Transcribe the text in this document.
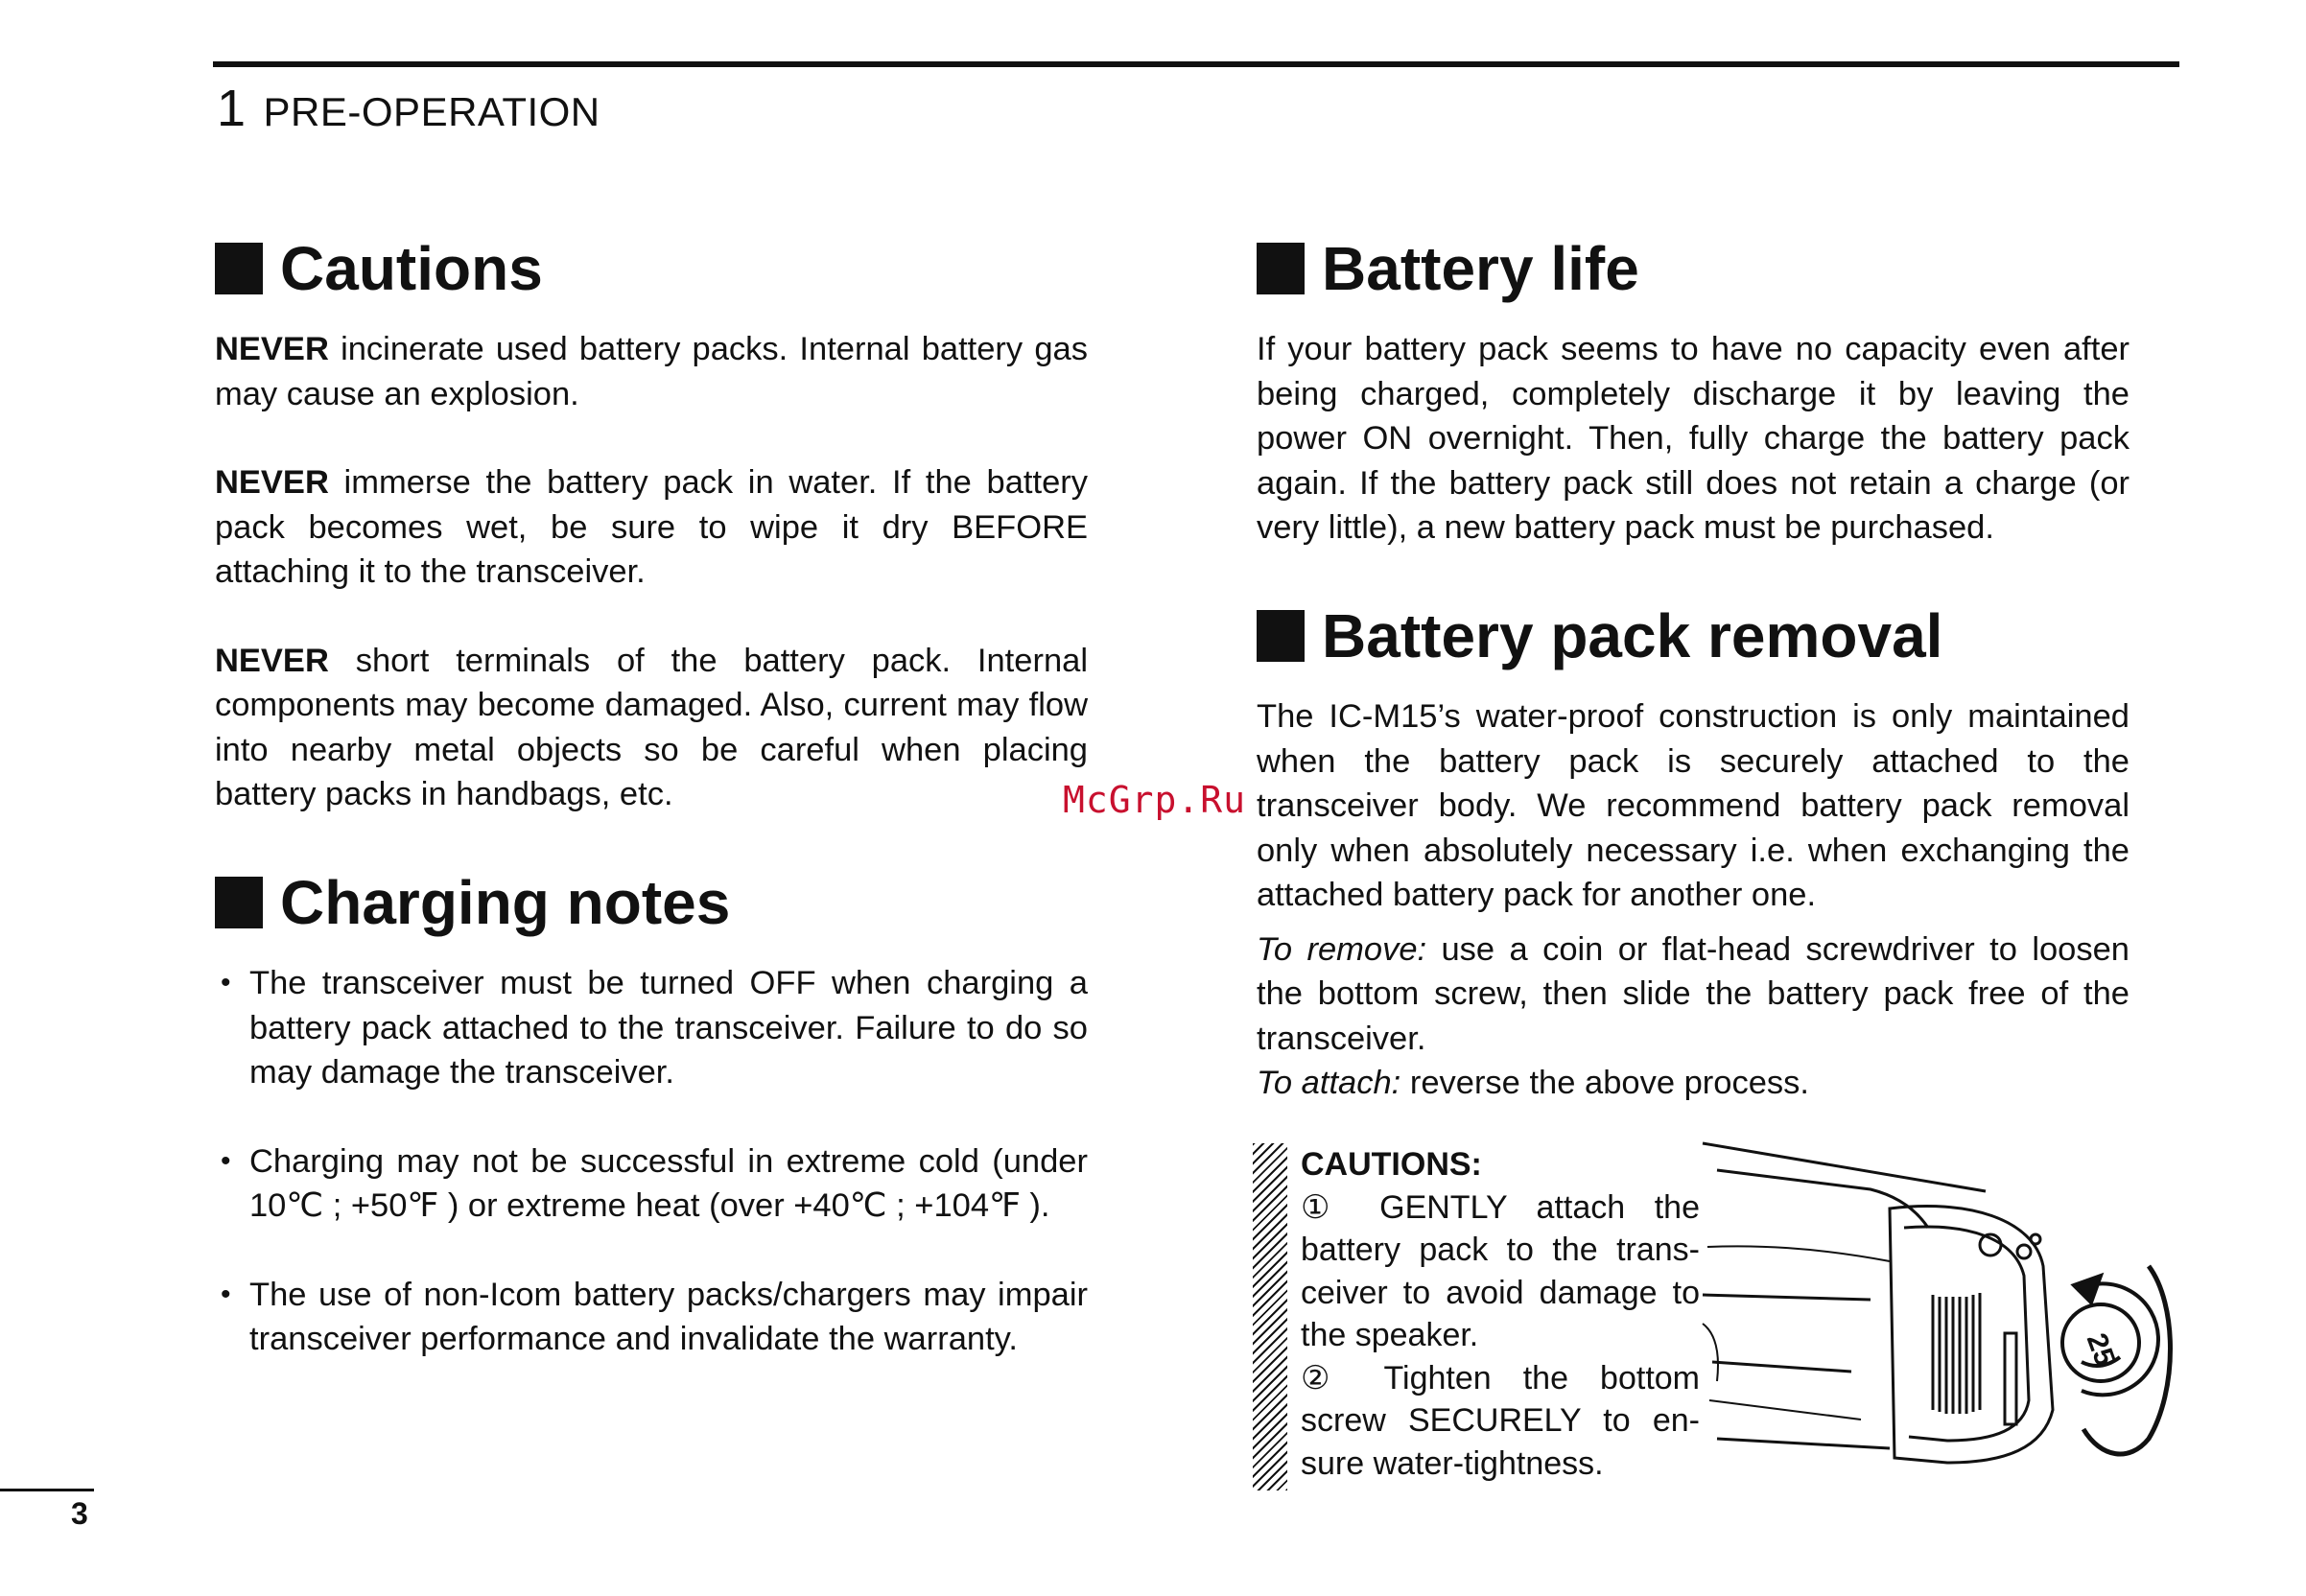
1 PRE-OPERATION
Cautions

NEVER incinerate used battery packs. Internal battery gas may cause an explosion.

NEVER immerse the battery pack in water. If the battery pack becomes wet, be sure to wipe it dry BEFORE attaching it to the transceiver.

NEVER short terminals of the battery pack. Internal components may become damaged. Also, current may flow into nearby metal objects so be careful when placing battery packs in handbags, etc.

Charging notes
• The transceiver must be turned OFF when charging a battery pack attached to the transceiver. Failure to do so may damage the transceiver.
• Charging may not be successful in extreme cold (under 10℃ ; +50℉ ) or extreme heat (over +40℃ ; +104℉ ).
• The use of non-Icom battery packs/chargers may impair transceiver performance and invalidate the warranty.
McGrp.Ru
Battery life

If your battery pack seems to have no capacity even after being charged, completely discharge it by leaving the power ON overnight. Then, fully charge the battery pack again. If the battery pack still does not retain a charge (or very little), a new battery pack must be purchased.

Battery pack removal

The IC-M15’s water-proof construction is only maintained when the battery pack is securely attached to the transceiver body. We recommend battery pack removal only when absolutely necessary i.e. when exchanging the attached battery pack for another one.

To remove: use a coin or flat-head screwdriver to loosen the bottom screw, then slide the battery pack free of the transceiver.

To attach: reverse the above process.

CAUTIONS:

① GENTLY attach the battery pack to the trans-ceiver to avoid damage to the speaker.

② Tighten the bottom screw SECURELY to en-sure water-tightness.

25
3
